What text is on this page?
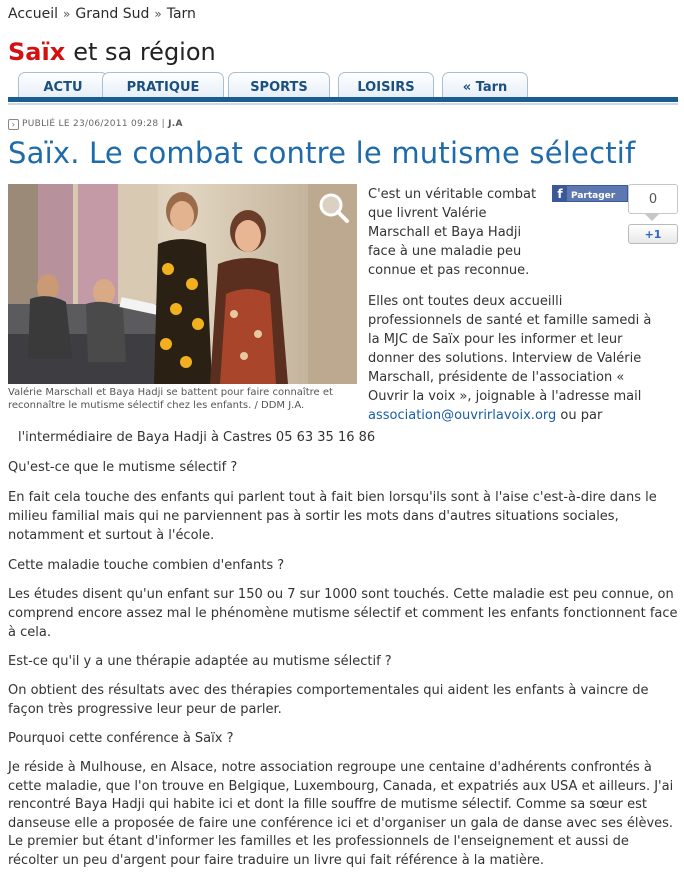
Accueil » Grand Sud » Tarn
Saïx et sa région
ACTU	PRATIQUE	SPORTS	LOISIRS	« Tarn
› PUBLIÉ LE 23/06/2011 09:28 | J.A
Saïx. Le combat contre le mutisme sélectif
Valérie Marschall et Baya Hadji se battent pour faire connaître et
reconnaître le mutisme sélectif chez les enfants. / DDM J.A.
f Partager	0
+1
C'est un véritable combat que livrent Valérie Marschall et Baya Hadji face à une maladie peu connue et pas reconnue.
Elles ont toutes deux accueilli
professionnels de santé et famille samedi à
la MJC de Saïx pour les informer et leur
donner des solutions. Interview de Valérie
Marschall, présidente de l'association «
Ouvrir la voix », joignable à l'adresse mail
association@ouvrirlavoix.org ou par
l'intermédiaire de Baya Hadji à Castres 05 63 35 16 86
Qu'est-ce que le mutisme sélectif ?
En fait cela touche des enfants qui parlent tout à fait bien lorsqu'ils sont à l'aise c'est-à-dire dans le milieu familial mais qui ne parviennent pas à sortir les mots dans d'autres situations sociales, notamment et surtout à l'école.
Cette maladie touche combien d'enfants ?
Les études disent qu'un enfant sur 150 ou 7 sur 1000 sont touchés. Cette maladie est peu connue, on comprend encore assez mal le phénomène mutisme sélectif et comment les enfants fonctionnent face à cela.
Est-ce qu'il y a une thérapie adaptée au mutisme sélectif ?
On obtient des résultats avec des thérapies comportementales qui aident les enfants à vaincre de façon très progressive leur peur de parler.
Pourquoi cette conférence à Saïx ?
Je réside à Mulhouse, en Alsace, notre association regroupe une centaine d'adhérents confrontés à cette maladie, que l'on trouve en Belgique, Luxembourg, Canada, et expatriés aux USA et ailleurs. J'ai rencontré Baya Hadji qui habite ici et dont la fille souffre de mutisme sélectif. Comme sa sœur est danseuse elle a proposée de faire une conférence ici et d'organiser un gala de danse avec ses élèves. Le premier but étant d'informer les familles et les professionnels de l'enseignement et aussi de récolter un peu d'argent pour faire traduire un livre qui fait référence à la matière.
